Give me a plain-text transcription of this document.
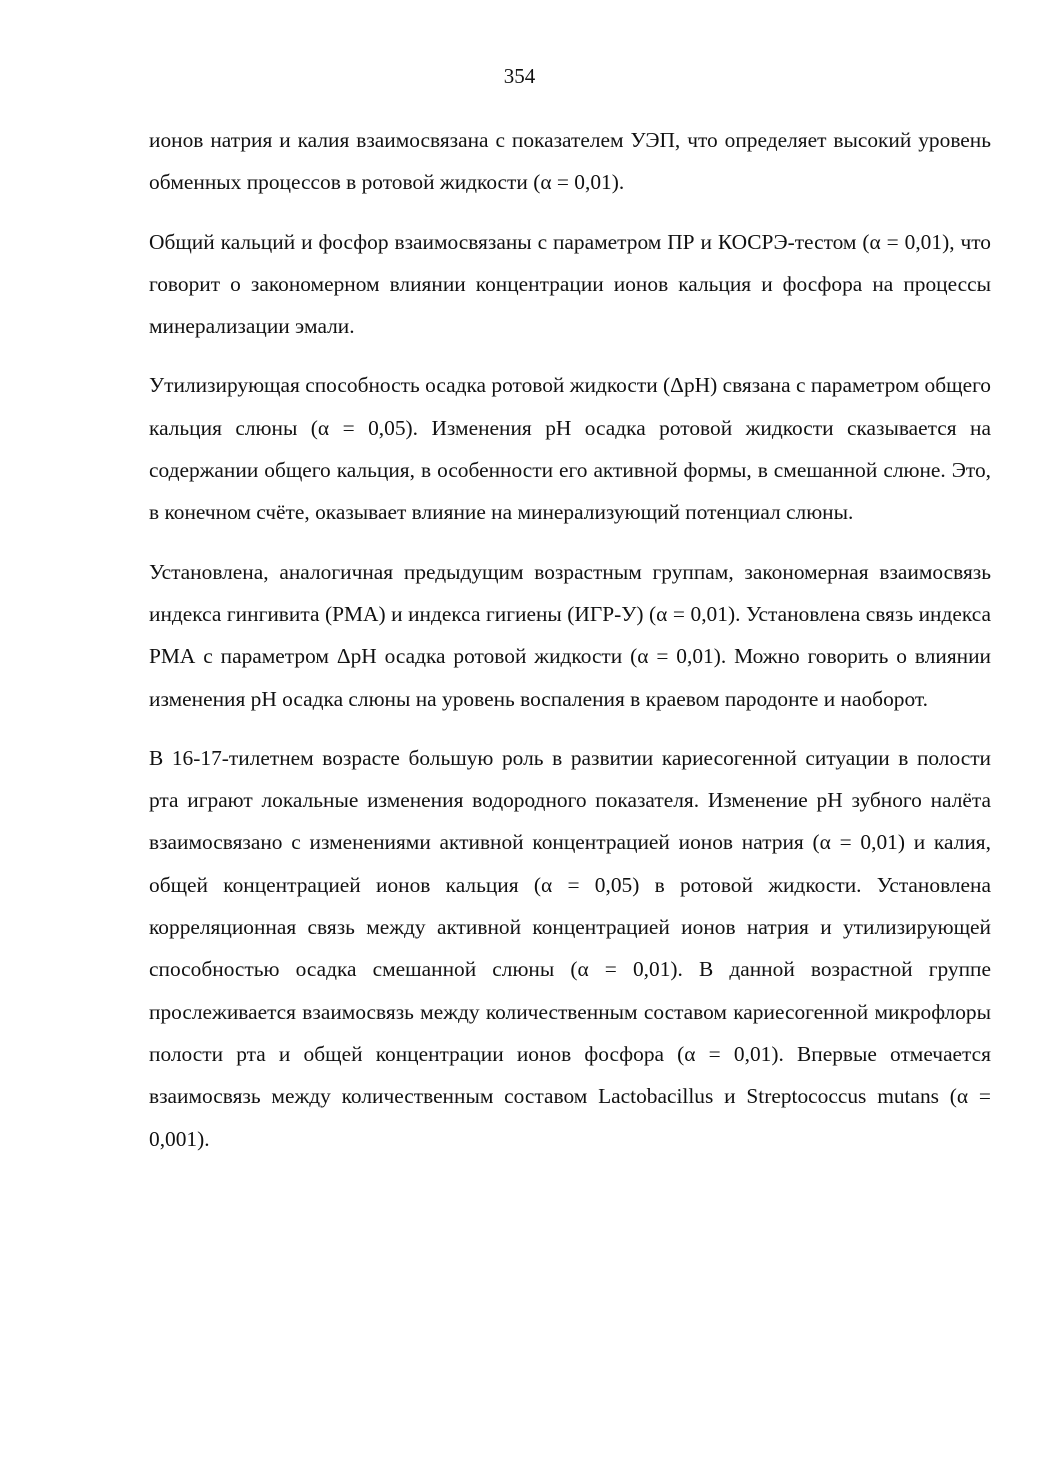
354

ионов натрия и калия взаимосвязана с показателем УЭП, что определяет высокий уровень обменных процессов в ротовой жидкости (α = 0,01).

Общий кальций и фосфор взаимосвязаны с параметром ПР и КОСРЭ-тестом (α = 0,01), что говорит о закономерном влиянии концентрации ионов кальция и фосфора на процессы минерализации эмали.

Утилизирующая способность осадка ротовой жидкости (ΔрН) связана с параметром общего кальция слюны (α = 0,05). Изменения рН осадка ротовой жидкости сказывается на содержании общего кальция, в особенности его активной формы, в смешанной слюне. Это, в конечном счёте, оказывает влияние на минерализующий потенциал слюны.

Установлена, аналогичная предыдущим возрастным группам, закономерная взаимосвязь индекса гингивита (РМА) и индекса гигиены (ИГР-У) (α = 0,01). Установлена связь индекса РМА с параметром ΔрН осадка ротовой жидкости (α = 0,01). Можно говорить о влиянии изменения рН осадка слюны на уровень воспаления в краевом пародонте и наоборот.

В 16-17-тилетнем возрасте большую роль в развитии кариесогенной ситуации в полости рта играют локальные изменения водородного показателя. Изменение рН зубного налёта взаимосвязано с изменениями активной концентрацией ионов натрия (α = 0,01) и калия, общей концентрацией ионов кальция (α = 0,05) в ротовой жидкости. Установлена корреляционная связь между активной концентрацией ионов натрия и утилизирующей способностью осадка смешанной слюны (α = 0,01). В данной возрастной группе прослеживается взаимосвязь между количественным составом кариесогенной микрофлоры полости рта и общей концентрации ионов фосфора (α = 0,01). Впервые отмечается взаимосвязь между количественным составом Lactobacillus и Streptococcus mutans (α = 0,001).
